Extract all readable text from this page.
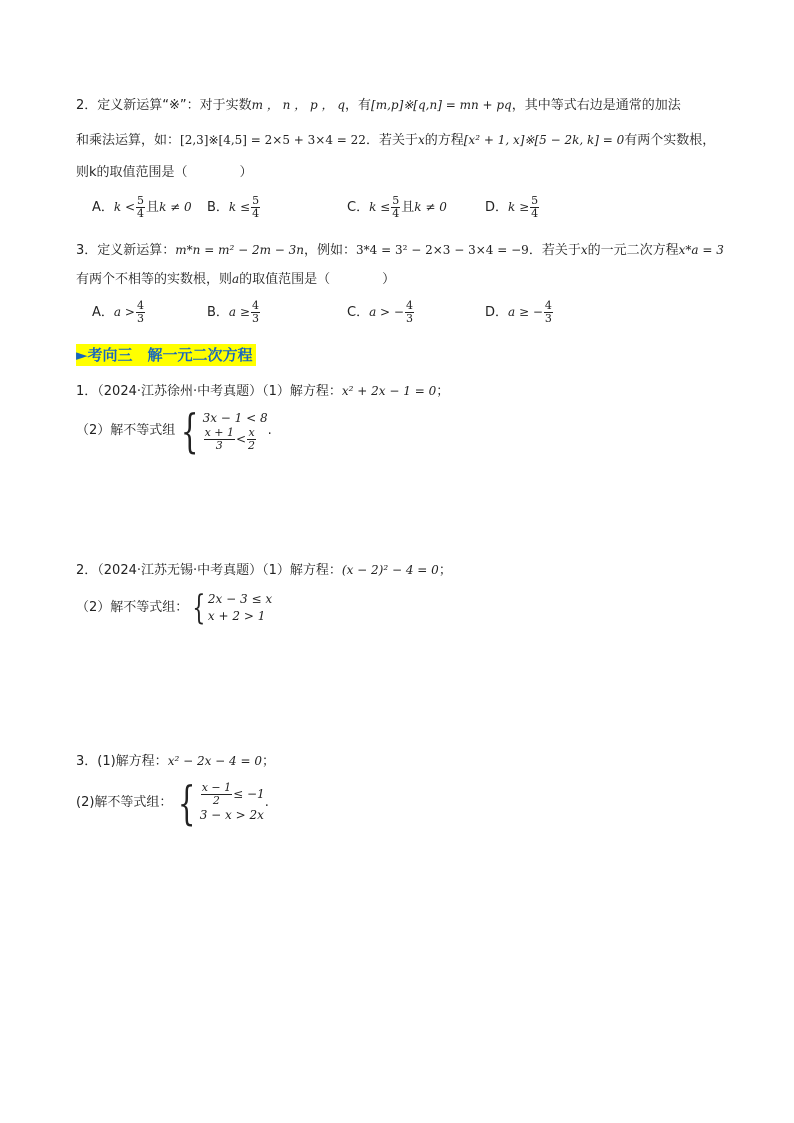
2．定义新运算“※”：对于实数m ， n ， p ， q，有[m,p]※[q,n] = mn + pq，其中等式右边是通常的加法
和乘法运算，如：[2,3]※[4,5] = 2×5 + 3×4 = 22．若关于x的方程[x² + 1, x]※[5 − 2k, k] = 0有两个实数根，
则k的取值范围是（　　　　）
A．$k < \frac{5}{4}$ 且k ≠ 0 B．$k \le \frac{5}{4}$	C．$k \le \frac{5}{4}$ 且k ≠ 0	D．$k \ge \frac{5}{4}$
3．定义新运算：m*n = m² − 2m − 3n，例如：3*4 = 3² − 2×3 − 3×4 = −9．若关于x的一元二次方程x*a = 3
有两个不相等的实数根，则a的取值范围是（　　　　）
A．$a > \frac{4}{3}$	B．$a \ge \frac{4}{3}$	C．a > − $\frac{4}{3}$	D．a ≥ − $\frac{4}{3}$
►考向三　解一元二次方程
1．（2024·江苏徐州·中考真题）（1）解方程：x² + 2x − 1 = 0；
（2）解不等式组 { 3x − 1 < 8
$\frac{x + 1}{3} < \frac{x}{2}$ .
2．（2024·江苏无锡·中考真题）（1）解方程：(x − 2)² − 4 = 0；
（2）解不等式组： { 2x − 3 ≤ x
x + 2 > 1
3．(1)解方程：x² − 2x − 4 = 0；
(2)解不等式组： { $\frac{x - 1}{2} \le -1$
3 − x > 2x
.
